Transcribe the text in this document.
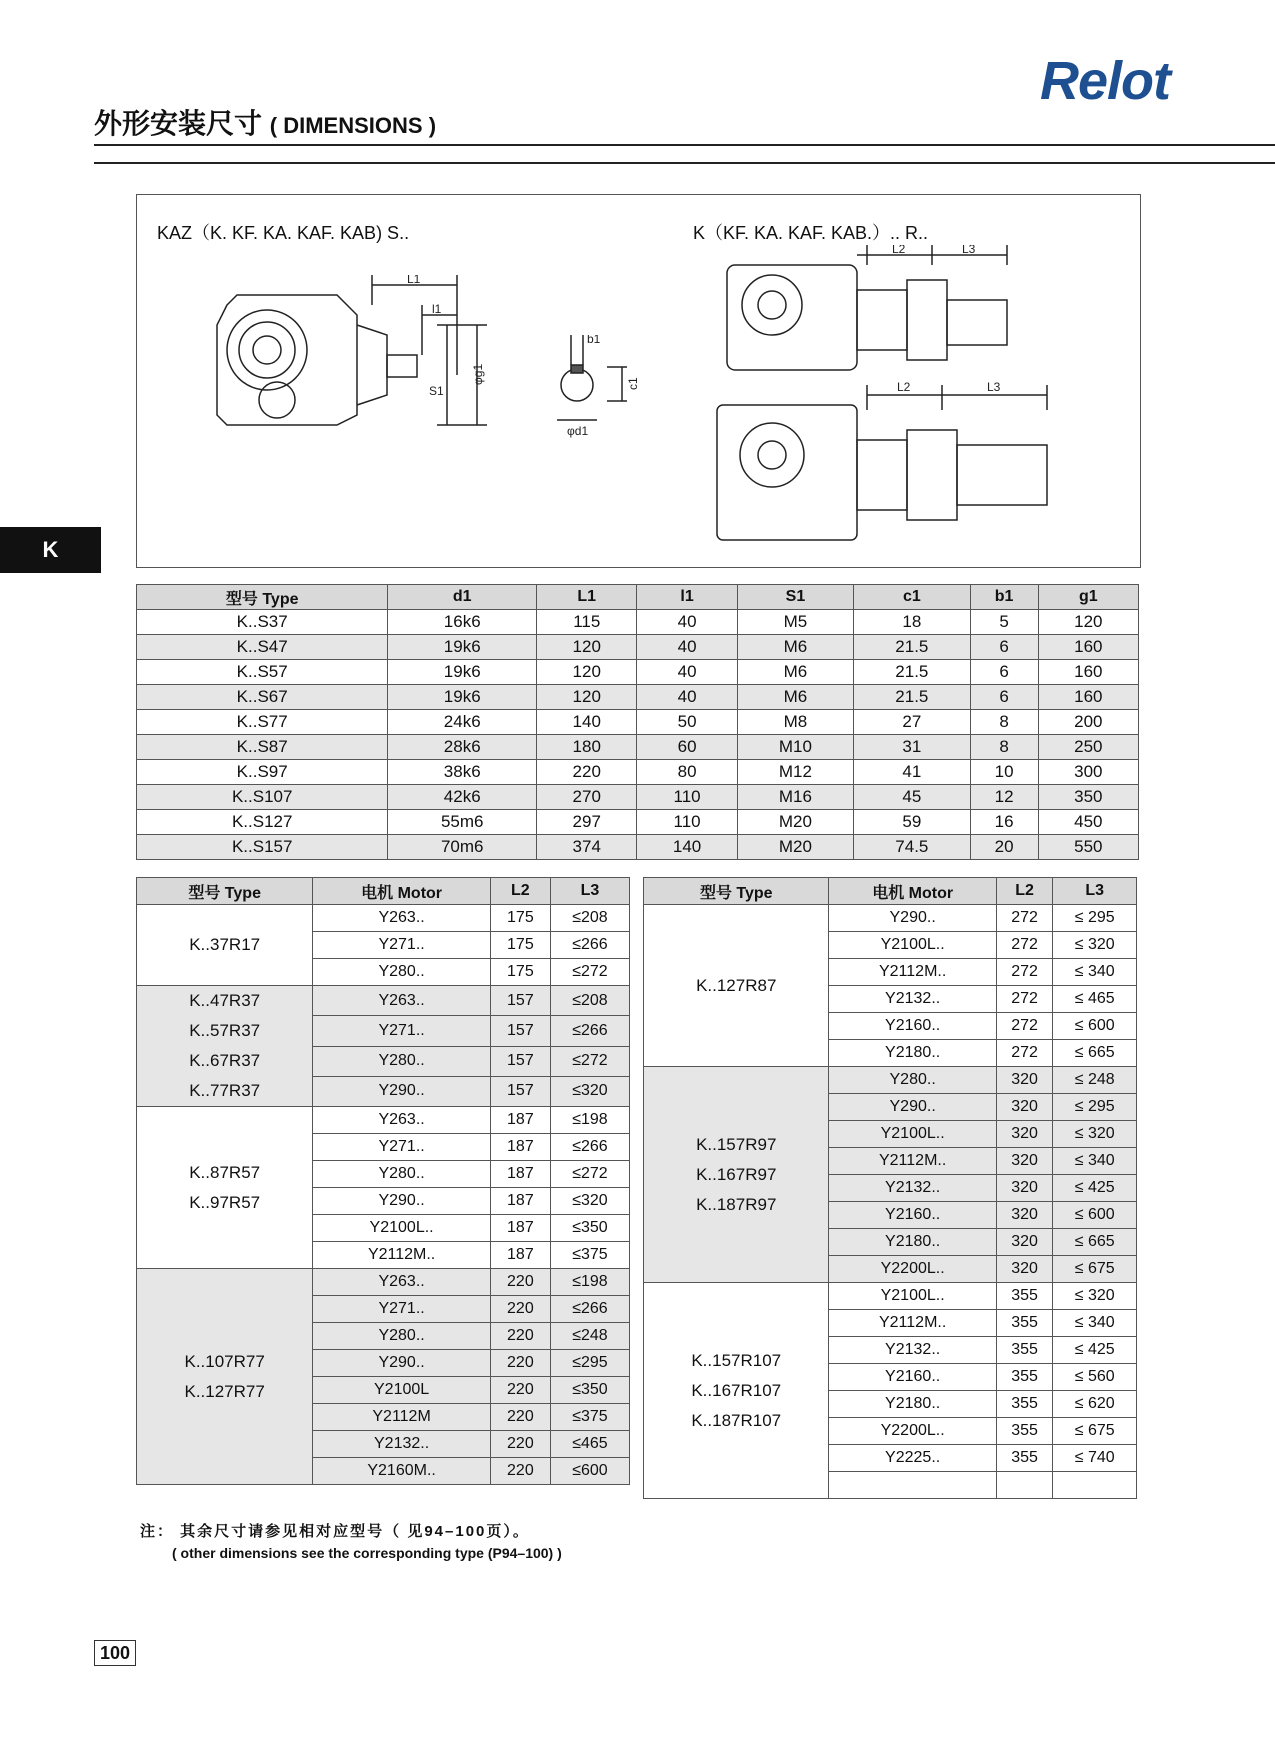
Relot
外形安装尺寸 ( DIMENSIONS )
K
KAZ（K. KF. KA. KAF. KAB) S..	K（KF. KA. KAF. KAB.）.. R..
L1
l1
S1
φg1
b1
c1
φd1
L2	L3
L2	L3
型号 Type	d1	L1	l1	S1	c1	b1	g1
K..S37	16k6	115	40	M5	18	5	120
K..S47	19k6	120	40	M6	21.5	6	160
K..S57	19k6	120	40	M6	21.5	6	160
K..S67	19k6	120	40	M6	21.5	6	160
K..S77	24k6	140	50	M8	27	8	200
K..S87	28k6	180	60	M10	31	8	250
K..S97	38k6	220	80	M12	41	10	300
K..S107	42k6	270	110	M16	45	12	350
K..S127	55m6	297	110	M20	59	16	450
K..S157	70m6	374	140	M20	74.5	20	550
型号 Type	电机 Motor	L2	L3

K..37R17	Y263..	175	≤208
	Y271..	175	≤266
	Y280..	175	≤272

K..47R37
K..57R37
K..67R37
K..77R37	Y263..	157	≤208
	Y271..	157	≤266
	Y280..	157	≤272
	Y290..	157	≤320

K..87R57
K..97R57	Y263..	187	≤198
	Y271..	187	≤266
	Y280..	187	≤272
	Y290..	187	≤320
	Y2100L..	187	≤350
	Y2112M..	187	≤375

K..107R77
K..127R77	Y263..	220	≤198
	Y271..	220	≤266
	Y280..	220	≤248
	Y290..	220	≤295
	Y2100L	220	≤350
	Y2112M	220	≤375
	Y2132..	220	≤465
	Y2160M..	220	≤600
型号 Type	电机 Motor	L2	L3

K..127R87	Y290..	272	≤ 295
	Y2100L..	272	≤ 320
	Y2112M..	272	≤ 340
	Y2132..	272	≤ 465
	Y2160..	272	≤ 600
	Y2180..	272	≤ 665

K..157R97
K..167R97
K..187R97	Y280..	320	≤ 248
	Y290..	320	≤ 295
	Y2100L..	320	≤ 320
	Y2112M..	320	≤ 340
	Y2132..	320	≤ 425
	Y2160..	320	≤ 600
	Y2180..	320	≤ 665
	Y2200L..	320	≤ 675

K..157R107
K..167R107
K..187R107	Y2100L..	355	≤ 320
	Y2112M..	355	≤ 340
	Y2132..	355	≤ 425
	Y2160..	355	≤ 560
	Y2180..	355	≤ 620
	Y2200L..	355	≤ 675
	Y2225..	355	≤ 740

注： 其余尺寸请参见相对应型号（ 见94–100页）。
( other dimensions see the corresponding type (P94–100) )
100
